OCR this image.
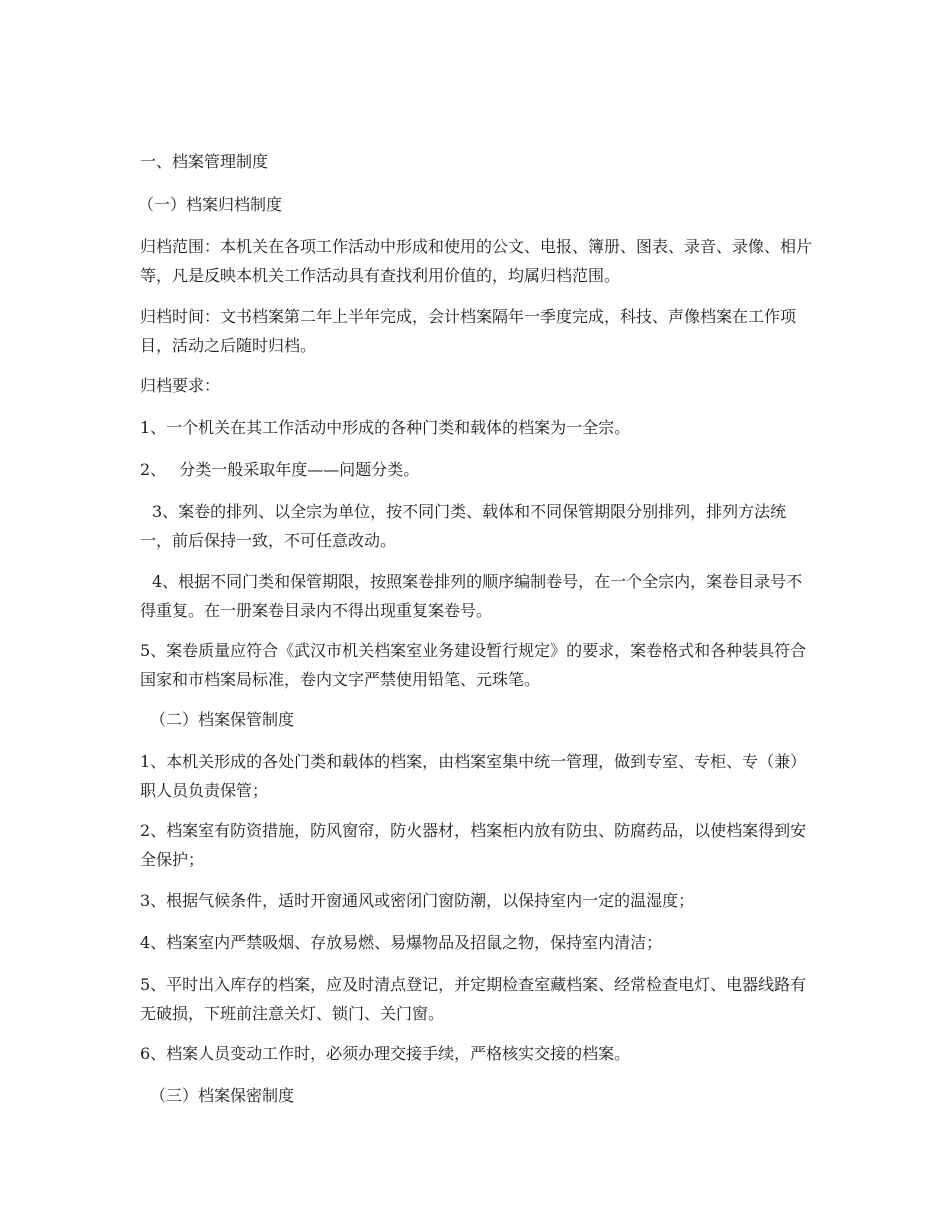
一、档案管理制度

（一）档案归档制度

归档范围：本机关在各项工作活动中形成和使用的公文、电报、簿册、图表、录音、录像、相片等，凡是反映本机关工作活动具有查找利用价值的，均属归档范围。

归档时间：文书档案第二年上半年完成，会计档案隔年一季度完成，科技、声像档案在工作项目，活动之后随时归档。

归档要求：

1、一个机关在其工作活动中形成的各种门类和载体的档案为一全宗。

2、　 分类一般采取年度——问题分类。

3、案卷的排列、以全宗为单位，按不同门类、载体和不同保管期限分别排列，排列方法统一，前后保持一致，不可任意改动。

4、根据不同门类和保管期限，按照案卷排列的顺序编制卷号，在一个全宗内，案卷目录号不得重复。在一册案卷目录内不得出现重复案卷号。

5、案卷质量应符合《武汉市机关档案室业务建设暂行规定》的要求，案卷格式和各种装具符合国家和市档案局标准，卷内文字严禁使用铅笔、元珠笔。

（二）档案保管制度

1、本机关形成的各处门类和载体的档案，由档案室集中统一管理，做到专室、专柜、专（兼）职人员负责保管；

2、档案室有防资措施，防风窗帘，防火器材，档案柜内放有防虫、防腐药品，以使档案得到安全保护；

3、根据气候条件，适时开窗通风或密闭门窗防潮，以保持室内一定的温湿度；

4、档案室内严禁吸烟、存放易燃、易爆物品及招鼠之物，保持室内清洁；

5、平时出入库存的档案，应及时清点登记，并定期检查室藏档案、经常检查电灯、电器线路有无破损，下班前注意关灯、锁门、关门窗。

6、档案人员变动工作时，必须办理交接手续，严格核实交接的档案。

（三）档案保密制度
